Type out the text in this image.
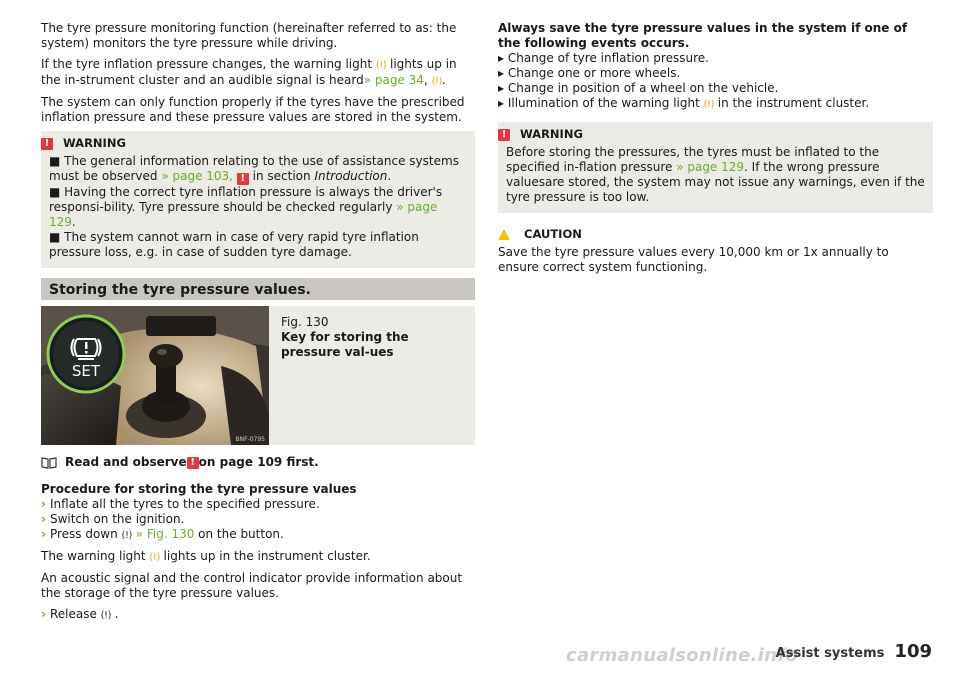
The tyre pressure monitoring function (hereinafter referred to as: the system) monitors the tyre pressure while driving.

If the tyre inflation pressure changes, the warning light (!) lights up in the in-strument cluster and an audible signal is heard» page 34, (!).

The system can only function properly if the tyres have the prescribed inflation pressure and these pressure values are stored in the system.

!	WARNING

■ The general information relating to the use of assistance systems must be observed » page 103, ! in section Introduction.

■ Having the correct tyre inflation pressure is always the driver's responsi-bility. Tyre pressure should be checked regularly » page 129.

■ The system cannot warn in case of very rapid tyre inflation pressure loss, e.g. in case of sudden tyre damage.

Storing the tyre pressure values.
SET
BNF-0795
Fig. 130
Key for storing the pressure val-ues
Read and observe ! on page 109 first.

Procedure for storing the tyre pressure values

› Inflate all the tyres to the specified pressure.

› Switch on the ignition.

› Press down (!) » Fig. 130 on the button.

The warning light (!) lights up in the instrument cluster.

An acoustic signal and the control indicator provide information about the storage of the tyre pressure values.

› Release (!) .

Always save the tyre pressure values in the system if one of the following events occurs.

▸ Change of tyre inflation pressure.

▸ Change one or more wheels.

▸ Change in position of a wheel on the vehicle.

▸ Illumination of the warning light (!) in the instrument cluster.

!	WARNING

Before storing the pressures, the tyres must be inflated to the specified in-flation pressure » page 129. If the wrong pressure valuesare stored, the system may not issue any warnings, even if the tyre pressure is too low.

CAUTION

Save the tyre pressure values every 10,000 km or 1x annually to ensure correct system functioning.

carmanualsonline.info
Assist systems 109
